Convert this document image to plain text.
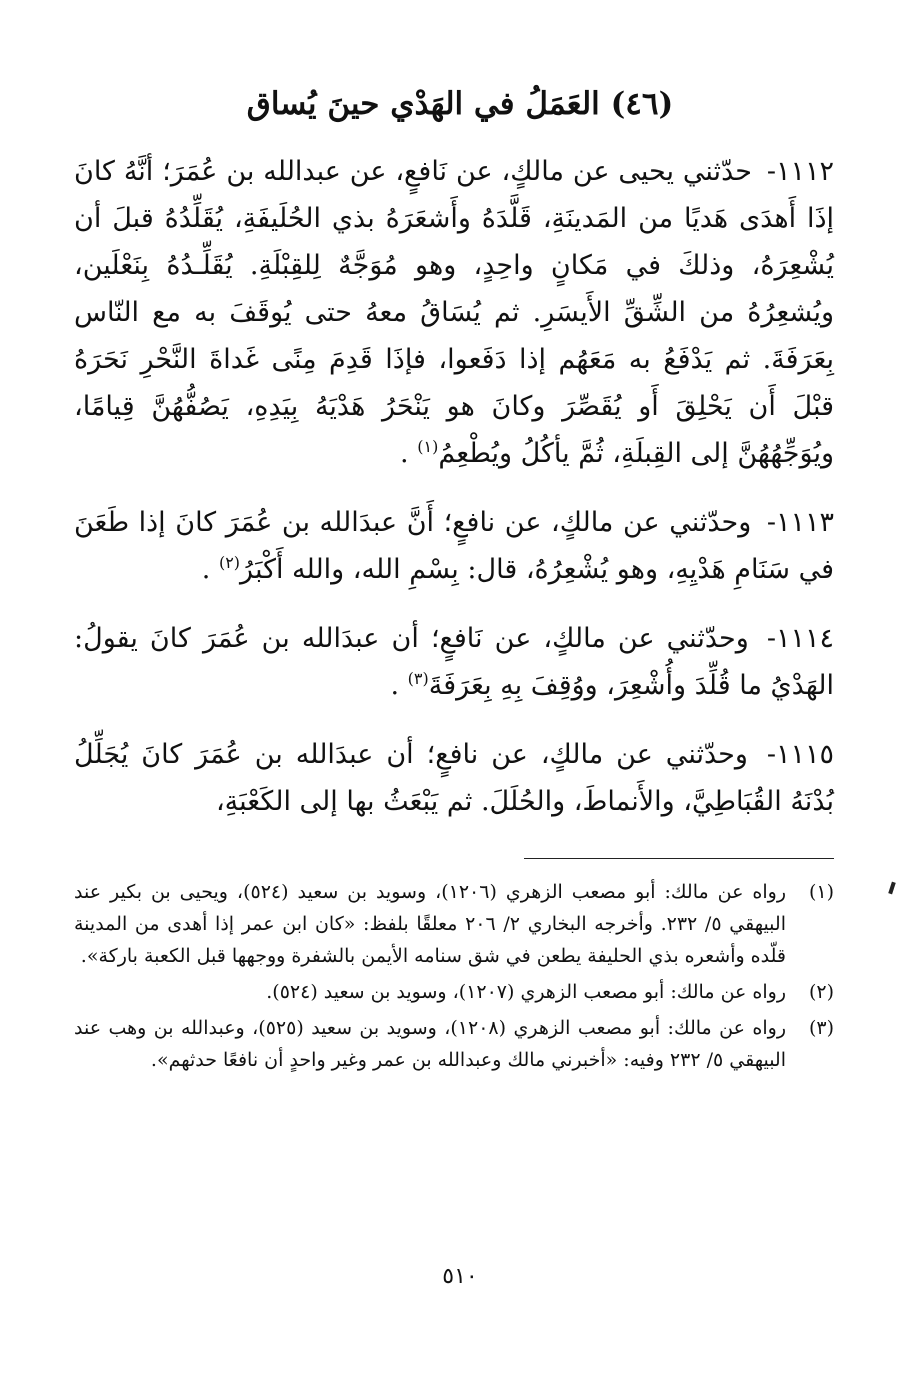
(٤٦) العَمَلُ في الهَدْي حينَ يُساق

١١١٢- حدّثني يحيى عن مالكٍ، عن نَافعٍ، عن عبدالله بن عُمَرَ؛ أنَّهُ كانَ إذَا أَهدَى هَديًا من المَدينَةِ، قَلَّدَهُ وأَشعَرَهُ بذي الحُلَيفَةِ، يُقَلِّدُهُ قبلَ أن يُشْعِرَهُ، وذلكَ في مَكانٍ واحِدٍ، وهو مُوَجَّهٌ لِلقِبْلَةِ. يُقَلِّـدُهُ بِنَعْلَين، ويُشعِرُهُ من الشِّقِّ الأَيسَرِ. ثم يُسَاقُ معهُ حتى يُوقَفَ به مع النّاس بِعَرَفَةَ. ثم يَدْفَعُ به مَعَهُم إذا دَفَعوا، فإذَا قَدِمَ مِنًى غَداةَ النَّحْرِ نَحَرَهُ قبْلَ أَن يَحْلِقَ أَو يُقَصِّرَ وكانَ هو يَنْحَرُ هَدْيَهُ بِيَدِهِ، يَصُفُّهُنَّ قِيامًا، ويُوَجِّهُهُنَّ إلى القِبلَةِ، ثُمَّ يأكُلُ ويُطْعِمُ$^{(١)}$ .

١١١٣- وحدّثني عن مالكٍ، عن نافعٍ؛ أَنَّ عبدَالله بن عُمَرَ كانَ إذا طَعَنَ في سَنَامِ هَدْيِهِ، وهو يُشْعِرُهُ، قال: بِسْمِ الله، والله أَكْبَرُ$^{(٢)}$ .

١١١٤- وحدّثني عن مالكٍ، عن نَافعٍ؛ أن عبدَالله بن عُمَرَ كانَ يقولُ: الهَدْيُ ما قُلِّدَ وأُشْعِرَ، ووُقِفَ بِهِ بِعَرَفَةَ$^{(٣)}$ .

١١١٥- وحدّثني عن مالكٍ، عن نافعٍ؛ أن عبدَالله بن عُمَرَ كانَ يُجَلِّلُ بُدْنَهُ القُبَاطِيَّ، والأَنماطَ، والحُلَلَ. ثم يَبْعَثُ بها إلى الكَعْبَةِ،

(١)
رواه عن مالك: أبو مصعب الزهري (١٢٠٦)، وسويد بن سعيد (٥٢٤)، ويحيى بن بكير عند البيهقي ٥/ ٢٣٢. وأخرجه البخاري ٢/ ٢٠٦ معلقًا بلفظ: «كان ابن عمر إذا أهدى من المدينة قلّده وأشعره بذي الحليفة يطعن في شق سنامه الأيمن بالشفرة ووجهها قبل الكعبة باركة».
(٢)
رواه عن مالك: أبو مصعب الزهري (١٢٠٧)، وسويد بن سعيد (٥٢٤).
(٣)
رواه عن مالك: أبو مصعب الزهري (١٢٠٨)، وسويد بن سعيد (٥٢٥)، وعبدالله بن وهب عند البيهقي ٥/ ٢٣٢ وفيه: «أخبرني مالك وعبدالله بن عمر وغير واحدٍ أن نافعًا حدثهم».
٥١٠
